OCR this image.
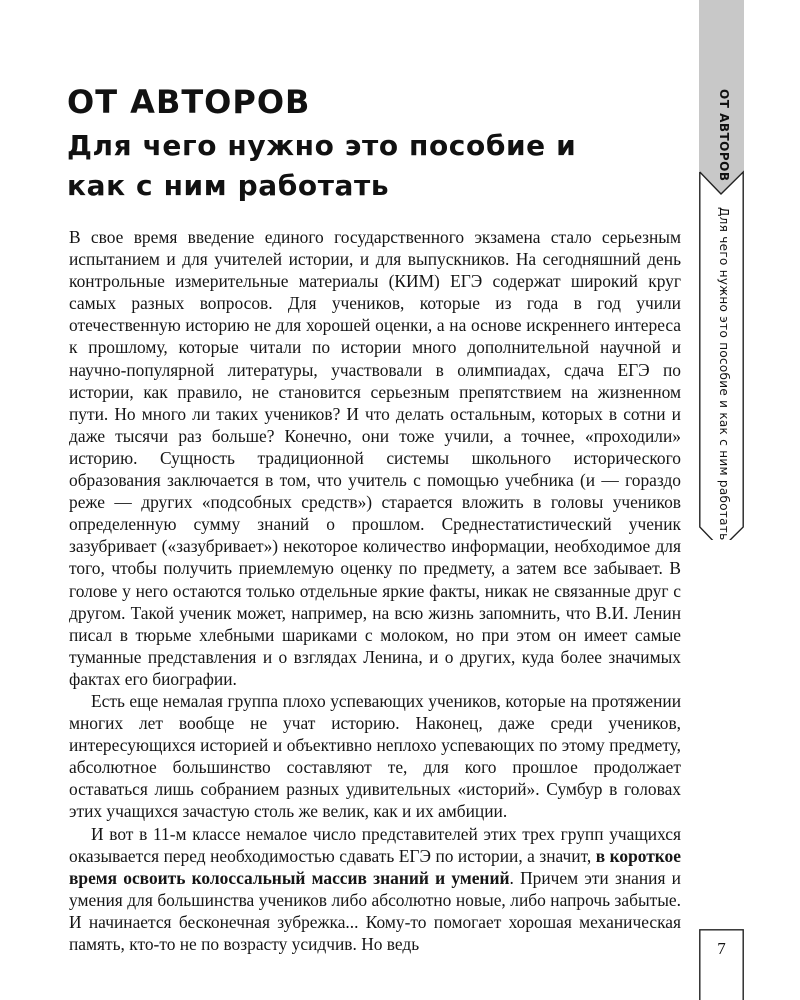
ОТ АВТОРОВ
Для чего нужно это пособие и как с ним работать

В свое время введение единого государственного экзамена стало серьезным испытанием и для учителей истории, и для выпускников. На сегодняшний день контрольные измерительные материалы (КИМ) ЕГЭ содержат широкий круг самых разных вопросов. Для учеников, которые из года в год учили отечественную историю не для хорошей оценки, а на основе искреннего интереса к прошлому, которые читали по истории много дополнительной научной и научно-популярной литературы, участвовали в олимпиадах, сдача ЕГЭ по истории, как правило, не становится серьезным препятствием на жизненном пути. Но много ли таких учеников? И что делать остальным, которых в сотни и даже тысячи раз больше? Конечно, они тоже учили, а точнее, «проходили» историю. Сущность традиционной системы школьного исторического образования заключается в том, что учитель с помощью учебника (и — гораздо реже — других «подсобных средств») старается вложить в головы учеников определенную сумму знаний о прошлом. Среднестатистический ученик зазубривает («зазубривает») некоторое количество информации, необходимое для того, чтобы получить приемлемую оценку по предмету, а затем все забывает. В голове у него остаются только отдельные яркие факты, никак не связанные друг с другом. Такой ученик может, например, на всю жизнь запомнить, что В.И. Ленин писал в тюрьме хлебными шариками с молоком, но при этом он имеет самые туманные представления и о взглядах Ленина, и о других, куда более значимых фактах его биографии.

Есть еще немалая группа плохо успевающих учеников, которые на протяжении многих лет вообще не учат историю. Наконец, даже среди учеников, интересующихся историей и объективно неплохо успевающих по этому предмету, абсолютное большинство составляют те, для кого прошлое продолжает оставаться лишь собранием разных удивительных «историй». Сумбур в головах этих учащихся зачастую столь же велик, как и их амбиции.

И вот в 11-м классе немалое число представителей этих трех групп учащихся оказывается перед необходимостью сдавать ЕГЭ по истории, а значит, в короткое время освоить колоссальный массив знаний и умений. Причем эти знания и умения для большинства учеников либо абсолютно новые, либо напрочь забытые. И начинается бесконечная зубрежка... Кому-то помогает хорошая механическая память, кто-то не по возрасту усидчив. Но ведь

ОТ АВТОРОВ
Для чего нужно это пособие и как с ним работать
7
